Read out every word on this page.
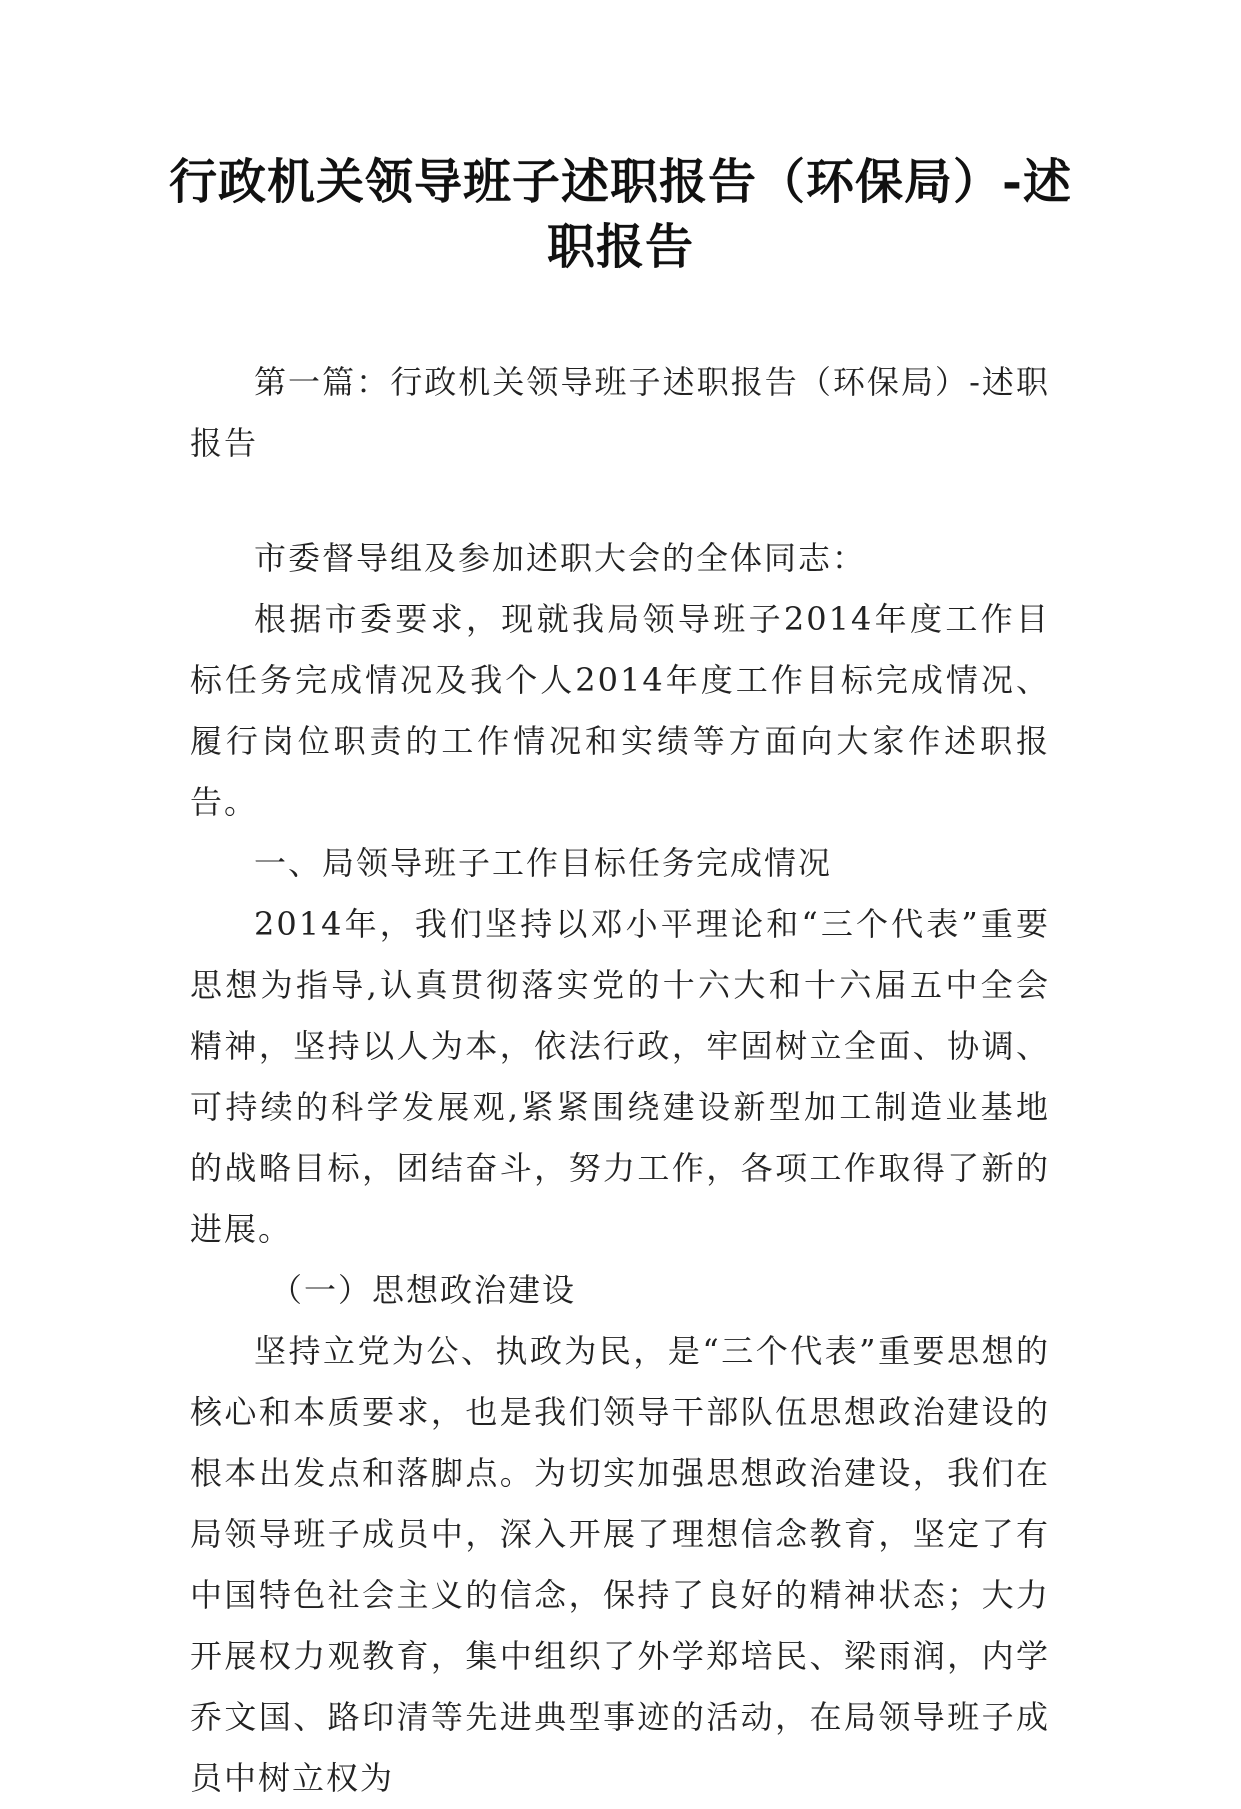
行政机关领导班子述职报告（环保局）-述职报告

第一篇：行政机关领导班子述职报告（环保局）-述职报告

市委督导组及参加述职大会的全体同志：

根据市委要求，现就我局领导班子2014年度工作目标任务完成情况及我个人2014年度工作目标完成情况、履行岗位职责的工作情况和实绩等方面向大家作述职报告。

一、局领导班子工作目标任务完成情况

2014年，我们坚持以邓小平理论和“三个代表”重要思想为指导,认真贯彻落实党的十六大和十六届五中全会精神，坚持以人为本，依法行政，牢固树立全面、协调、可持续的科学发展观,紧紧围绕建设新型加工制造业基地的战略目标，团结奋斗，努力工作，各项工作取得了新的进展。

（一）思想政治建设

坚持立党为公、执政为民，是“三个代表”重要思想的核心和本质要求，也是我们领导干部队伍思想政治建设的根本出发点和落脚点。为切实加强思想政治建设，我们在局领导班子成员中，深入开展了理想信念教育，坚定了有中国特色社会主义的信念，保持了良好的精神状态；大力开展权力观教育，集中组织了外学郑培民、梁雨润，内学乔文国、路印清等先进典型事迹的活动，在局领导班子成员中树立权为
